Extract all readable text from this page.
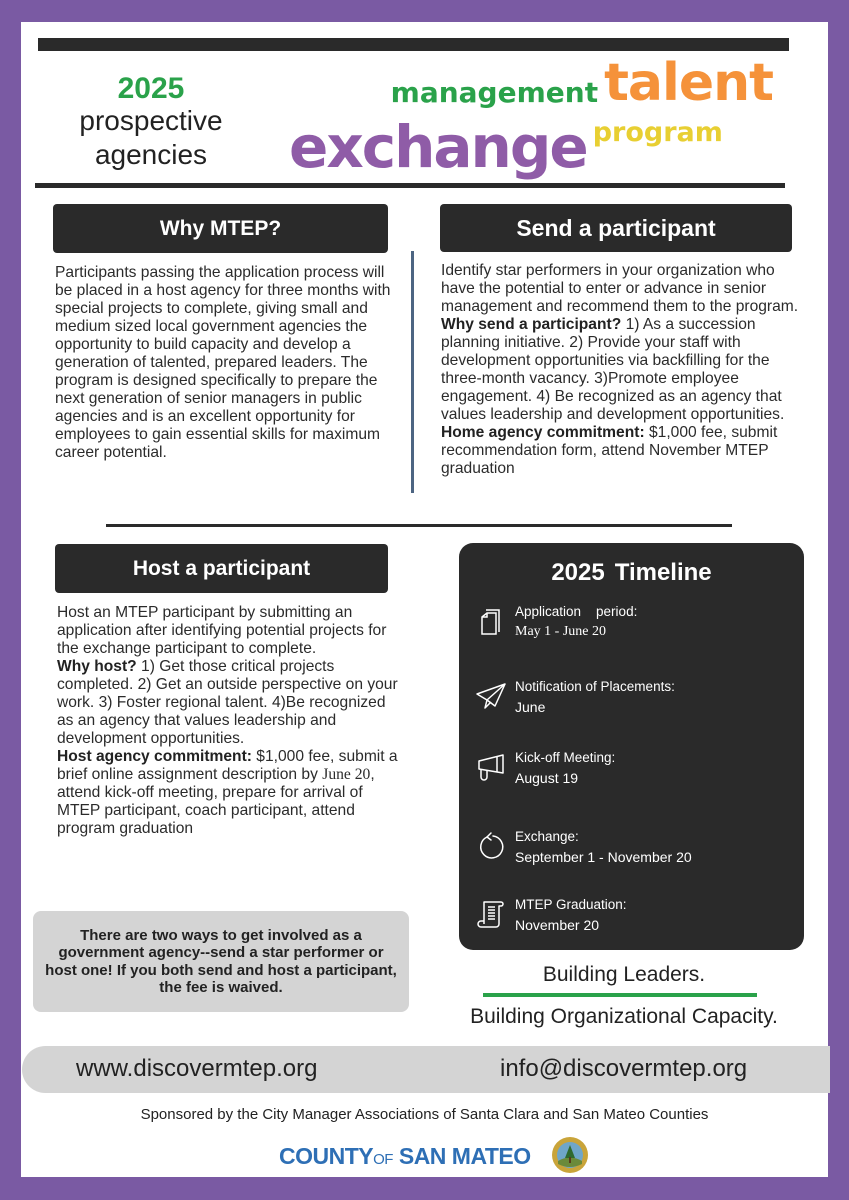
2025
prospective
agencies
management talent
exchange program
Why MTEP?
Participants passing the application process will be placed in a host agency for three months with special projects to complete, giving small and medium sized local government agencies the opportunity to build capacity and develop a generation of talented, prepared leaders. The program is designed specifically to prepare the next generation of senior managers in public agencies and is an excellent opportunity for employees to gain essential skills for maximum career potential.
Send a participant
Identify star performers in your organization who have the potential to enter or advance in senior management and recommend them to the program.
Why send a participant? 1) As a succession planning initiative. 2) Provide your staff with development opportunities via backfilling for the three-month vacancy. 3)Promote employee engagement. 4) Be recognized as an agency that values leadership and development opportunities.
Home agency commitment: $1,000 fee, submit recommendation form, attend November MTEP graduation
Host a participant
Host an MTEP participant by submitting an application after identifying potential projects for the exchange participant to complete.
Why host? 1) Get those critical projects completed. 2) Get an outside perspective on your work. 3) Foster regional talent. 4)Be recognized as an agency that values leadership and development opportunities.
Host agency commitment: $1,000 fee, submit a brief online assignment description by June 20, attend kick-off meeting, prepare for arrival of MTEP participant, coach participant, attend program graduation
2025 Timeline
Application    period:
May 1 - June 20
Notification of Placements:
June
Kick-off Meeting:
August 19
Exchange:
September 1 - November 20
MTEP Graduation:
November 20
There are two ways to get involved as a government agency--send a star performer or host one! If you both send and host a participant, the fee is waived.
Building Leaders.
Building Organizational Capacity.
www.discovermtep.org	info@discovermtep.org
Sponsored by the City Manager Associations of Santa Clara and San Mateo Counties
COUNTYOF SAN MATEO
